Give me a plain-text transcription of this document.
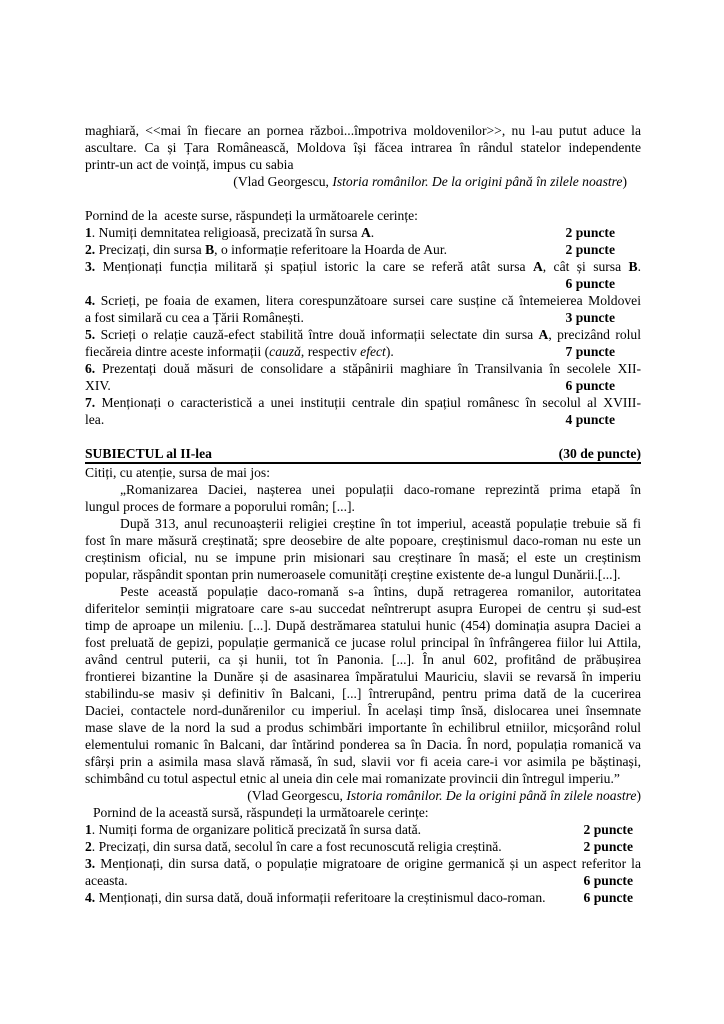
maghiară, <<mai în fiecare an pornea război...împotriva moldovenilor>>, nu l-au putut aduce la
ascultare. Ca și Țara Românească, Moldova își făcea intrarea în rândul statelor independente
printr-un act de voință, impus cu sabia
(Vlad Georgescu, Istoria românilor. De la origini până în zilele noastre)
Pornind de la  aceste surse, răspundeți la următoarele cerințe:
1. Numiți demnitatea religioasă, precizată în sursa A.	2 puncte
2. Precizați, din sursa B, o informație referitoare la Hoarda de Aur.	2 puncte
3. Menționați funcția militară și spațiul istoric la care se referă atât sursa A, cât și sursa B.
6 puncte
4. Scrieți, pe foaia de examen, litera corespunzătoare sursei care susține că întemeierea Moldovei
a fost similară cu cea a Țării Românești.	3 puncte
5. Scrieți o relație cauză-efect stabilită între două informații selectate din sursa A, precizând rolul
fiecăreia dintre aceste informații (cauză, respectiv efect).	7 puncte
6. Prezentați două măsuri de consolidare a stăpânirii maghiare în Transilvania în secolele XII-
XIV.	6 puncte
7. Menționați o caracteristică a unei instituții centrale din spațiul românesc în secolul al XVIII-
lea.	4 puncte
SUBIECTUL al II-lea	(30 de puncte)
Citiți, cu atenție, sursa de mai jos:
„Romanizarea Daciei, nașterea unei populații daco-romane reprezintă prima etapă în
lungul proces de formare a poporului român; [...].
După 313, anul recunoașterii religiei creștine în tot imperiul, această populație trebuie să fi
fost în mare măsură creștinată; spre deosebire de alte popoare, creștinismul daco-roman nu este un
creștinism oficial, nu se impune prin misionari sau creștinare în masă; el este un creștinism
popular, răspândit spontan prin numeroasele comunități creștine existente de-a lungul Dunării.[...].
Peste această populație daco-romană s-a întins, după retragerea romanilor, autoritatea
diferitelor seminții migratoare care s-au succedat neîntrerupt asupra Europei de centru și sud-est
timp de aproape un mileniu. [...]. După destrămarea statului hunic (454) dominația asupra Daciei a
fost preluată de gepizi, populație germanică ce jucase rolul principal în înfrângerea fiilor lui Attila,
având centrul puterii, ca și hunii, tot în Panonia. [...]. În anul 602, profitând de prăbușirea
frontierei bizantine la Dunăre și de asasinarea împăratului Mauriciu, slavii se revarsă în imperiu
stabilindu-se masiv și definitiv în Balcani, [...] întrerupând, pentru prima dată de la cucerirea
Daciei, contactele nord-dunărenilor cu imperiul. În același timp însă, dislocarea unei însemnate
mase slave de la nord la sud a produs schimbări importante în echilibrul etniilor, micșorând rolul
elementului romanic în Balcani, dar întărind ponderea sa în Dacia. În nord, populația romanică va
sfârși prin a asimila masa slavă rămasă, în sud, slavii vor fi aceia care-i vor asimila pe băștinași,
schimbând cu totul aspectul etnic al uneia din cele mai romanizate provincii din întregul imperiu.”
(Vlad Georgescu, Istoria românilor. De la origini până în zilele noastre)
Pornind de la această sursă, răspundeți la următoarele cerințe:
1. Numiți forma de organizare politică precizată în sursa dată.	2 puncte
2. Precizați, din sursa dată, secolul în care a fost recunoscută religia creștină.	2 puncte
3. Menționați, din sursa dată, o populație migratoare de origine germanică și un aspect referitor la
aceasta.	6 puncte
4. Menționați, din sursa dată, două informații referitoare la creștinismul daco-roman.	6 puncte
